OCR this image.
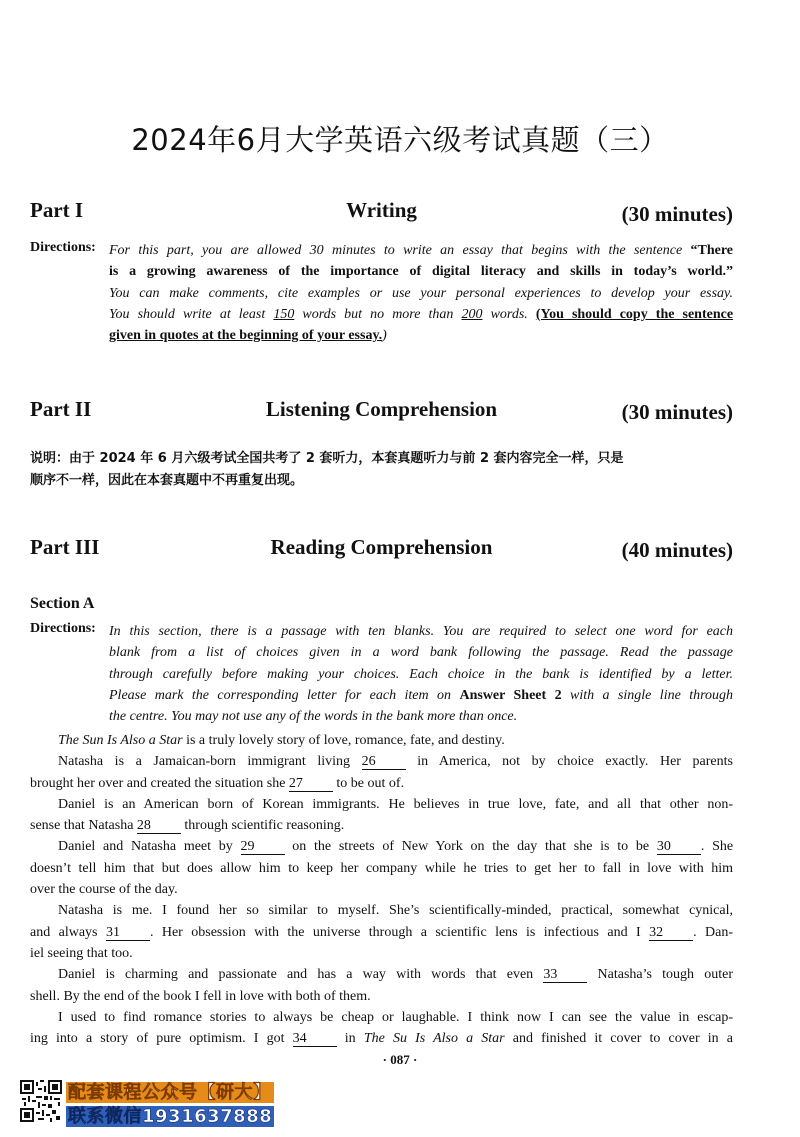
2024年6月大学英语六级考试真题（三）
Part I	Writing	(30 minutes)
Directions: For this part, you are allowed 30 minutes to write an essay that begins with the sentence “There
is a growing awareness of the importance of digital literacy and skills in today’s world.”
You can make comments, cite examples or use your personal experiences to develop your essay.
You should write at least 150 words but no more than 200 words. (You should copy the sentence
given in quotes at the beginning of your essay.)
Part II	Listening Comprehension	(30 minutes)
说明：由于 2024 年 6 月六级考试全国共考了 2 套听力，本套真题听力与前 2 套内容完全一样，只是
顺序不一样，因此在本套真题中不再重复出现。
Part III	Reading Comprehension	(40 minutes)
Section A
Directions: In this section, there is a passage with ten blanks. You are required to select one word for each
blank from a list of choices given in a word bank following the passage. Read the passage
through carefully before making your choices. Each choice in the bank is identified by a letter.
Please mark the corresponding letter for each item on Answer Sheet 2 with a single line through
the centre. You may not use any of the words in the bank more than once.
The Sun Is Also a Star is a truly lovely story of love, romance, fate, and destiny.
Natasha is a Jamaican-born immigrant living 26	in America, not by choice exactly. Her parents
brought her over and created the situation she 27 to be out of.
Daniel is an American born of Korean immigrants. He believes in true love, fate, and all that other non-
sense that Natasha 28 through scientific reasoning.
Daniel and Natasha meet by 29	on the streets of New York on the day that she is to be 30 . She
doesn’t tell him that but does allow him to keep her company while he tries to get her to fall in love with him
over the course of the day.
Natasha is me. I found her so similar to myself. She’s scientifically-minded, practical, somewhat cynical,
and always 31 . Her obsession with the universe through a scientific lens is infectious and I 32 . Dan-
iel seeing that too.
Daniel is charming and passionate and has a way with words that even 33	Natasha’s tough outer
shell. By the end of the book I fell in love with both of them.
I used to find romance stories to always be cheap or laughable. I think now I can see the value in escap-
ing into a story of pure optimism. I got 34	in The Su Is Also a Star and finished it cover to cover in a
· 087 ·
配套课程公众号【研大】
联系微信1931637888
